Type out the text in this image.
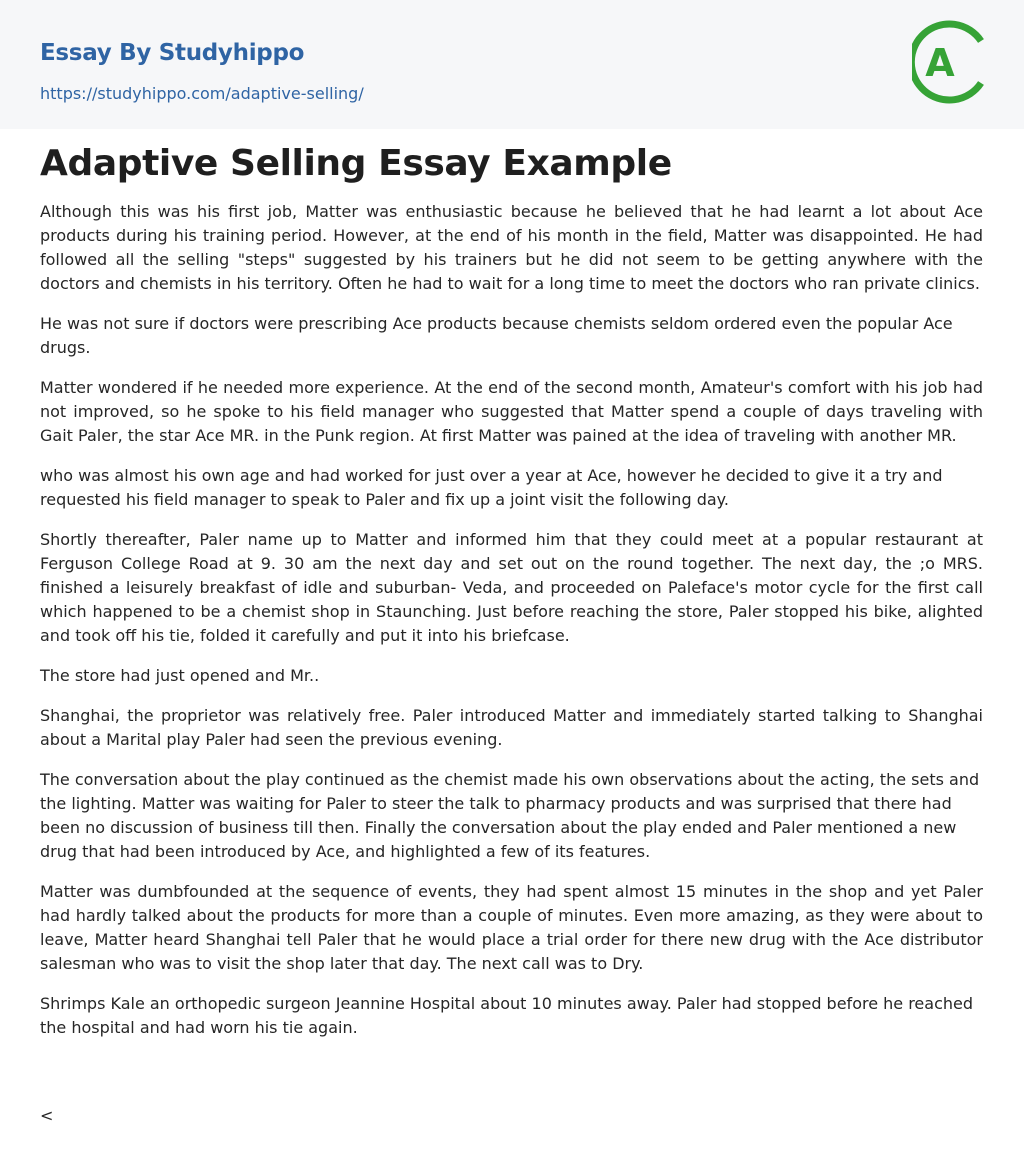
Essay By Studyhippo
https://studyhippo.com/adaptive-selling/
A
Adaptive Selling Essay Example

Although this was his first job, Matter was enthusiastic because he believed that he had learnt a lot about Ace products during his training period. However, at the end of his month in the field, Matter was disappointed. He had followed all the selling "steps" suggested by his trainers but he did not seem to be getting anywhere with the doctors and chemists in his territory. Often he had to wait for a long time to meet the doctors who ran private clinics.

He was not sure if doctors were prescribing Ace products because chemists seldom ordered even the popular Ace drugs.

Matter wondered if he needed more experience. At the end of the second month, Amateur's comfort with his job had not improved, so he spoke to his field manager who suggested that Matter spend a couple of days traveling with Gait Paler, the star Ace MR. in the Punk region. At first Matter was pained at the idea of traveling with another MR.

who was almost his own age and had worked for just over a year at Ace, however he decided to give it a try and requested his field manager to speak to Paler and fix up a joint visit the following day.

Shortly thereafter, Paler name up to Matter and informed him that they could meet at a popular restaurant at Ferguson College Road at 9. 30 am the next day and set out on the round together. The next day, the ;o MRS. finished a leisurely breakfast of idle and suburban- Veda, and proceeded on Paleface's motor cycle for the first call which happened to be a chemist shop in Staunching. Just before reaching the store, Paler stopped his bike, alighted and took off his tie, folded it carefully and put it into his briefcase.

The store had just opened and Mr..

Shanghai, the proprietor was relatively free. Paler introduced Matter and immediately started talking to Shanghai about a Marital play Paler had seen the previous evening.

The conversation about the play continued as the chemist made his own observations about the acting, the sets and the lighting. Matter was waiting for Paler to steer the talk to pharmacy products and was surprised that there had been no discussion of business till then. Finally the conversation about the play ended and Paler mentioned a new drug that had been introduced by Ace, and highlighted a few of its features.

Matter was dumbfounded at the sequence of events, they had spent almost 15 minutes in the shop and yet Paler had hardly talked about the products for more than a couple of minutes. Even more amazing, as they were about to leave, Matter heard Shanghai tell Paler that he would place a trial order for there new drug with the Ace distributor salesman who was to visit the shop later that day. The next call was to Dry.

Shrimps Kale an orthopedic surgeon Jeannine Hospital about 10 minutes away. Paler had stopped before he reached the hospital and had worn his tie again.

<
